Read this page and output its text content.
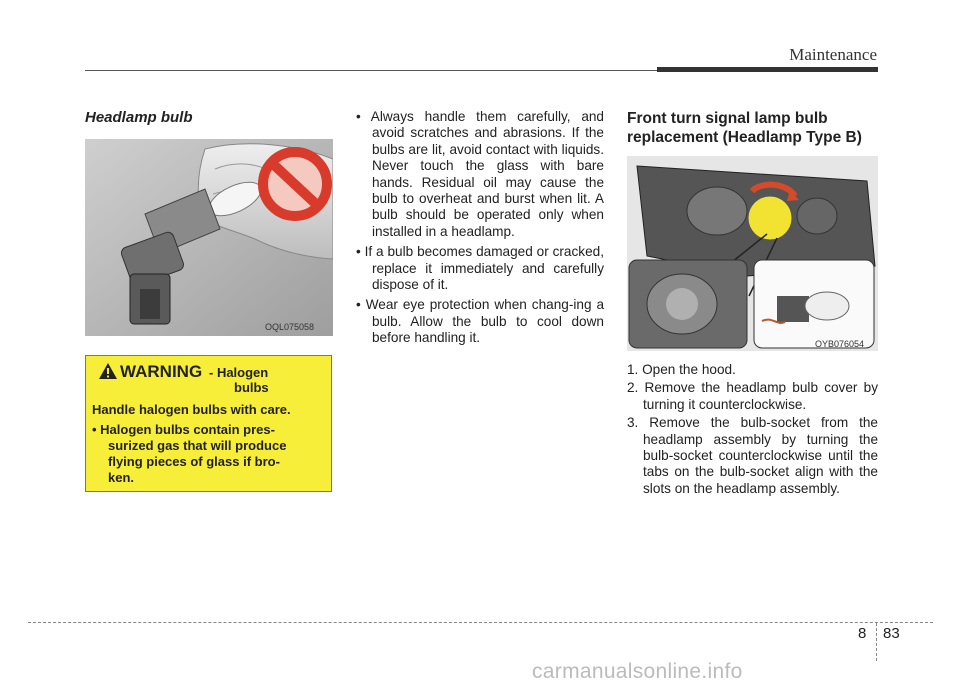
Maintenance
Headlamp bulb
OQL075058
WARNING - Halogen
bulbs
Handle halogen bulbs with care.
• Halogen bulbs contain pres-
surized gas that will produce
flying pieces of glass if bro-
ken.
• Always handle them carefully, and avoid scratches and abrasions. If the bulbs are lit, avoid contact with liquids. Never touch the glass with bare hands. Residual oil may cause the bulb to overheat and burst when lit. A bulb should be operated only when installed in a headlamp.
• If a bulb becomes damaged or cracked, replace it immediately and carefully dispose of it.
• Wear eye protection when chang-ing a bulb. Allow the bulb to cool down before handling it.
Front turn signal lamp bulb
replacement (Headlamp Type B)
OYB076054
1. Open the hood.
2. Remove the headlamp bulb cover by turning it counterclockwise.
3. Remove the bulb-socket from the headlamp assembly by turning the bulb-socket counterclockwise until the tabs on the bulb-socket align with the slots on the headlamp assembly.
8 83
carmanualsonline.info
